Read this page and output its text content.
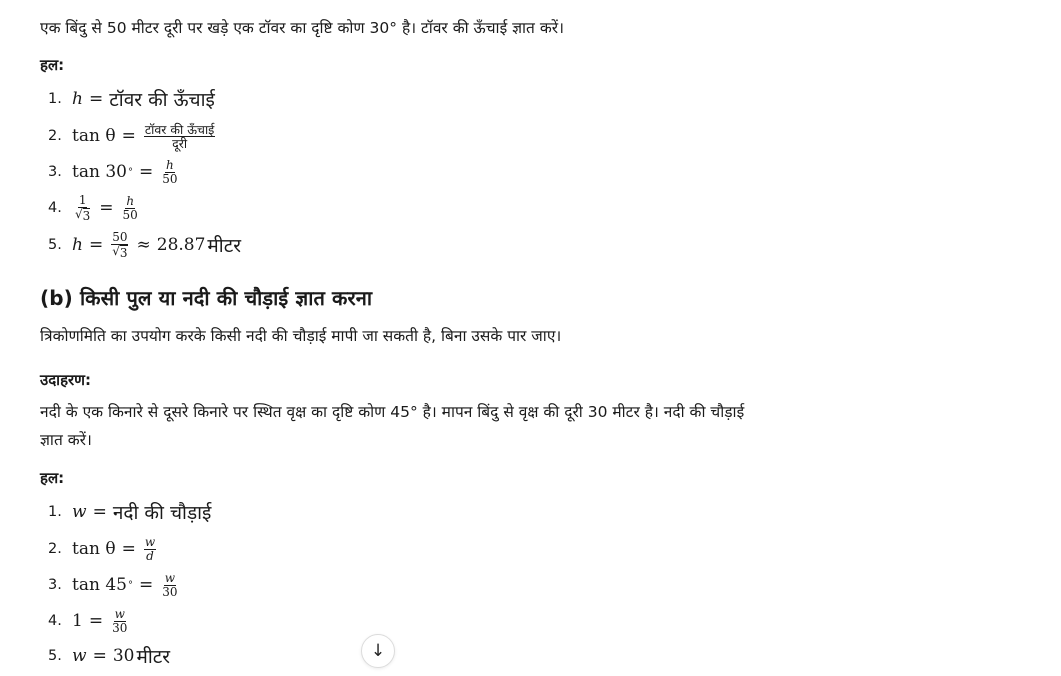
एक बिंदु से 50 मीटर दूरी पर खड़े एक टॉवर का दृष्टि कोण 30° है। टॉवर की ऊँचाई ज्ञात करें।

हल:

1. h = टॉवर की ऊँचाई
2. $\tan \theta = \frac{\text{टॉवर की ऊँचाई}}{\text{दूरी}}$
3. tan 30 ° = $\frac{h}{50}$
4.	$\frac{1}{√ 3} = \frac{h}{50}$
5. $h = \frac{50}{√ 3} \approx 28.87$ मीटर
(b) किसी पुल या नदी की चौड़ाई ज्ञात करना

त्रिकोणमिति का उपयोग करके किसी नदी की चौड़ाई मापी जा सकती है, बिना उसके पार जाए।

उदाहरण:

नदी के एक किनारे से दूसरे किनारे पर स्थित वृक्ष का दृष्टि कोण 45° है। मापन बिंदु से वृक्ष की दूरी 30 मीटर है। नदी की चौड़ाई ज्ञात करें।

हल:

1. w = नदी की चौड़ाई
2. $\tan \theta = \frac{w}{d}$
3. tan 45 ° = $\frac{w}{30}$
4. $1 = \frac{w}{30}$
5. w = 30 मीटर	↓
